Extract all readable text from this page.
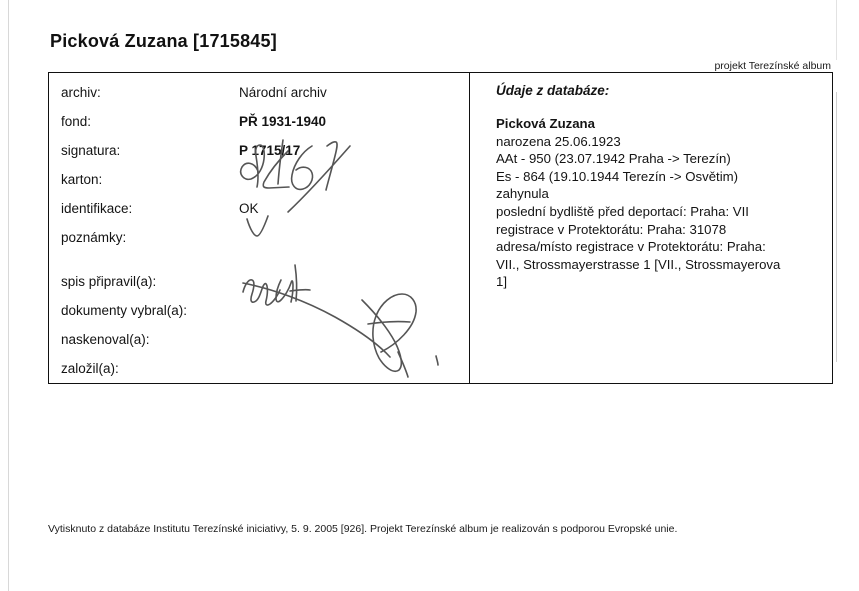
Picková Zuzana [1715845]
projekt Terezínské album
archiv:	Národní archiv
fond:	PŘ 1931-1940
signatura:	P 1715/17
karton:
identifikace:	OK
poznámky:
spis připravil(a):
dokumenty vybral(a):
naskenoval(a):
založil(a):
Údaje z databáze:
Picková Zuzana
narozena 25.06.1923
AAt - 950 (23.07.1942 Praha -> Terezín)
Es - 864 (19.10.1944 Terezín -> Osvětim)
zahynula
poslední bydliště před deportací: Praha: VII
registrace v Protektorátu: Praha: 31078
adresa/místo registrace v Protektorátu: Praha:
VII., Strossmayerstrasse 1 [VII., Strossmayerova
1]
Vytisknuto z databáze Institutu Terezínské iniciativy, 5. 9. 2005 [926]. Projekt Terezínské album je realizován s podporou Evropské unie.
